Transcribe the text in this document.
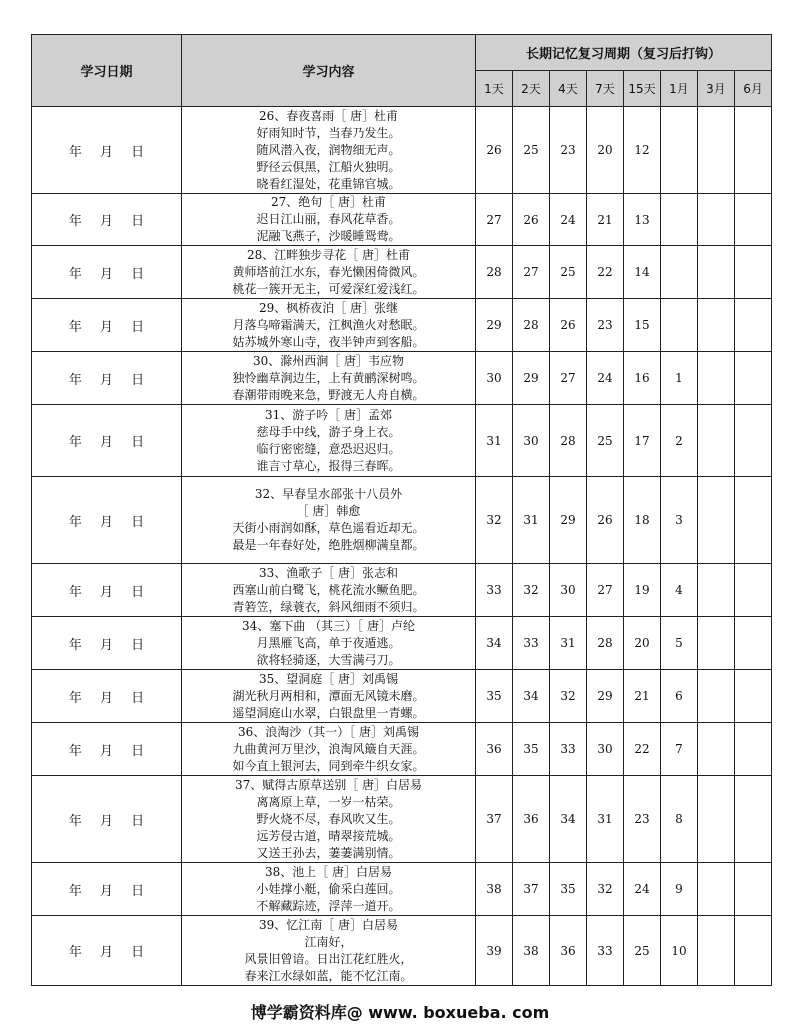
学习日期	学习内容	长期记忆复习周期（复习后打钩）							
		1天	2天	4天	7天	15天	1月	3月	6月
年 月 日	26、春夜喜雨［ 唐］杜甫
好雨知时节，当春乃发生。
随风潜入夜，润物细无声。
野径云俱黑，江船火独明。
晓看红湿处，花重锦官城。	26	25	23	20	12			
年 月 日	27、绝句［ 唐］杜甫
迟日江山丽，春风花草香。
泥融飞燕子，沙暖睡鸳鸯。	27	26	24	21	13			
年 月 日	28、江畔独步寻花［ 唐］杜甫
黄师塔前江水东，春光懒困倚微风。
桃花一簇开无主，可爱深红爱浅红。	28	27	25	22	14			
年 月 日	29、枫桥夜泊［ 唐］张继
月落乌啼霜满天，江枫渔火对愁眠。
姑苏城外寒山寺，夜半钟声到客船。	29	28	26	23	15			
年 月 日	30、滁州西涧［ 唐］韦应物
独怜幽草涧边生，上有黄鹂深树鸣。
春潮带雨晚来急，野渡无人舟自横。	30	29	27	24	16	1		
年 月 日	31、游子吟［ 唐］孟郊
慈母手中线，游子身上衣。
临行密密缝，意恐迟迟归。
谁言寸草心，报得三春晖。	31	30	28	25	17	2		
年 月 日	32、早春呈水部张十八员外
［ 唐］韩愈
天街小雨润如酥，草色遥看近却无。
最是一年春好处，绝胜烟柳满皇都。	32	31	29	26	18	3		
年 月 日	33、渔歌子［ 唐］张志和
西塞山前白鹭飞，桃花流水鳜鱼肥。
青箬笠，绿蓑衣，斜风细雨不须归。	33	32	30	27	19	4		
年 月 日	34、塞下曲 （其三）［ 唐］卢纶
月黑雁飞高，单于夜遁逃。
欲将轻骑逐，大雪满弓刀。	34	33	31	28	20	5		
年 月 日	35、望洞庭［ 唐］刘禹锡
湖光秋月两相和，潭面无风镜未磨。
遥望洞庭山水翠，白银盘里一青螺。	35	34	32	29	21	6		
年 月 日	36、浪淘沙（其一）［ 唐］刘禹锡
九曲黄河万里沙，浪淘风簸自天涯。
如今直上银河去，同到牵牛织女家。	36	35	33	30	22	7		
年 月 日	37、赋得古原草送别［ 唐］白居易
离离原上草，一岁一枯荣。
野火烧不尽，春风吹又生。
远芳侵古道，晴翠接荒城。
又送王孙去，萋萋满别情。	37	36	34	31	23	8		
年 月 日	38、池上［ 唐］白居易
小娃撑小艇，偷采白莲回。
不解藏踪迹，浮萍一道开。	38	37	35	32	24	9		
年 月 日	39、忆江南［ 唐］白居易
江南好，
风景旧曾谙。日出江花红胜火，
春来江水绿如蓝，能不忆江南。	39	38	36	33	25	10		
博学霸资料库@ www. boxueba. com
